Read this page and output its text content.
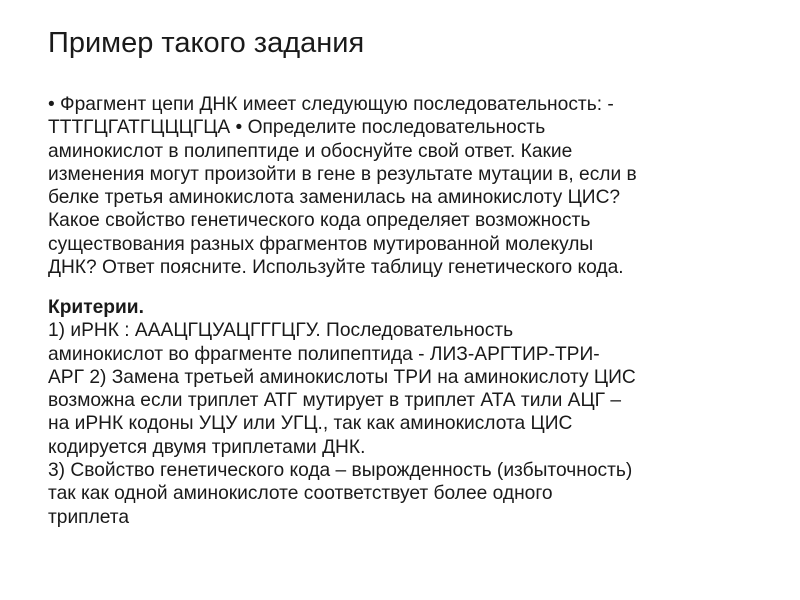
Пример такого задания
• Фрагмент цепи ДНК имеет следующую последовательность: -
ТТТГЦГАТГЦЦЦГЦА • Определите последовательность
аминокислот в полипептиде и обоснуйте свой ответ. Какие
изменения могут произойти в гене в результате мутации в, если в
белке третья аминокислота заменилась на аминокислоту ЦИС?
Какое свойство генетического кода определяет возможность
существования разных фрагментов мутированной молекулы
ДНК? Ответ поясните. Используйте таблицу генетического кода.
Критерии.
1) иРНК : АААЦГЦУАЦГГГЦГУ. Последовательность
аминокислот во фрагменте полипептида - ЛИЗ-АРГТИР-ТРИ-
АРГ 2) Замена третьей аминокислоты ТРИ на аминокислоту ЦИС
возможна если триплет АТГ мутирует в триплет АТА тили АЦГ –
на иРНК кодоны УЦУ или УГЦ., так как аминокислота ЦИС
кодируется двумя триплетами ДНК.
3) Свойство генетического кода – вырожденность (избыточность)
так как одной аминокислоте соответствует более одного
триплета
